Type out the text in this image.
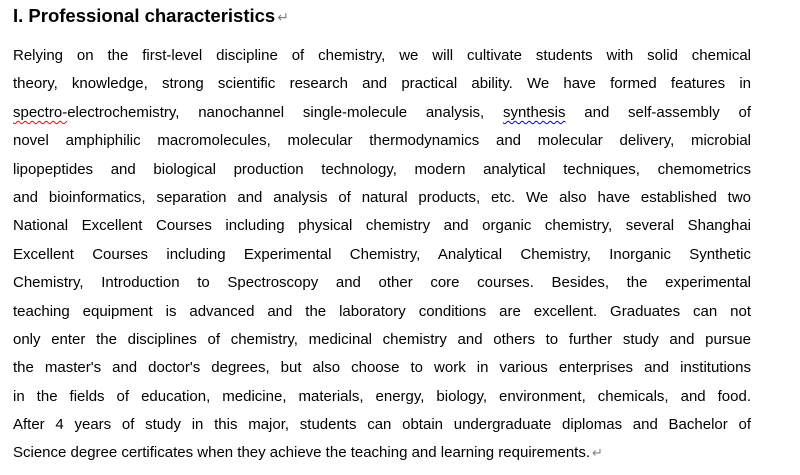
I. Professional characteristics ↵
Relying on the first-level discipline of chemistry, we will cultivate students with solid chemical
theory, knowledge, strong scientific research and practical ability. We have formed features in
spectro-electrochemistry, nanochannel single-molecule analysis, synthesis and self-assembly of
novel amphiphilic macromolecules, molecular thermodynamics and molecular delivery, microbial
lipopeptides and biological production technology, modern analytical techniques, chemometrics
and bioinformatics, separation and analysis of natural products, etc. We also have established two
National Excellent Courses including physical chemistry and organic chemistry, several Shanghai
Excellent Courses including Experimental Chemistry, Analytical Chemistry, Inorganic Synthetic
Chemistry, Introduction to Spectroscopy and other core courses. Besides, the experimental
teaching equipment is advanced and the laboratory conditions are excellent. Graduates can not
only enter the disciplines of chemistry, medicinal chemistry and others to further study and pursue
the master's and doctor's degrees, but also choose to work in various enterprises and institutions
in the fields of education, medicine, materials, energy, biology, environment, chemicals, and food.
After 4 years of study in this major, students can obtain undergraduate diplomas and Bachelor of
Science degree certificates when they achieve the teaching and learning requirements. ↵
